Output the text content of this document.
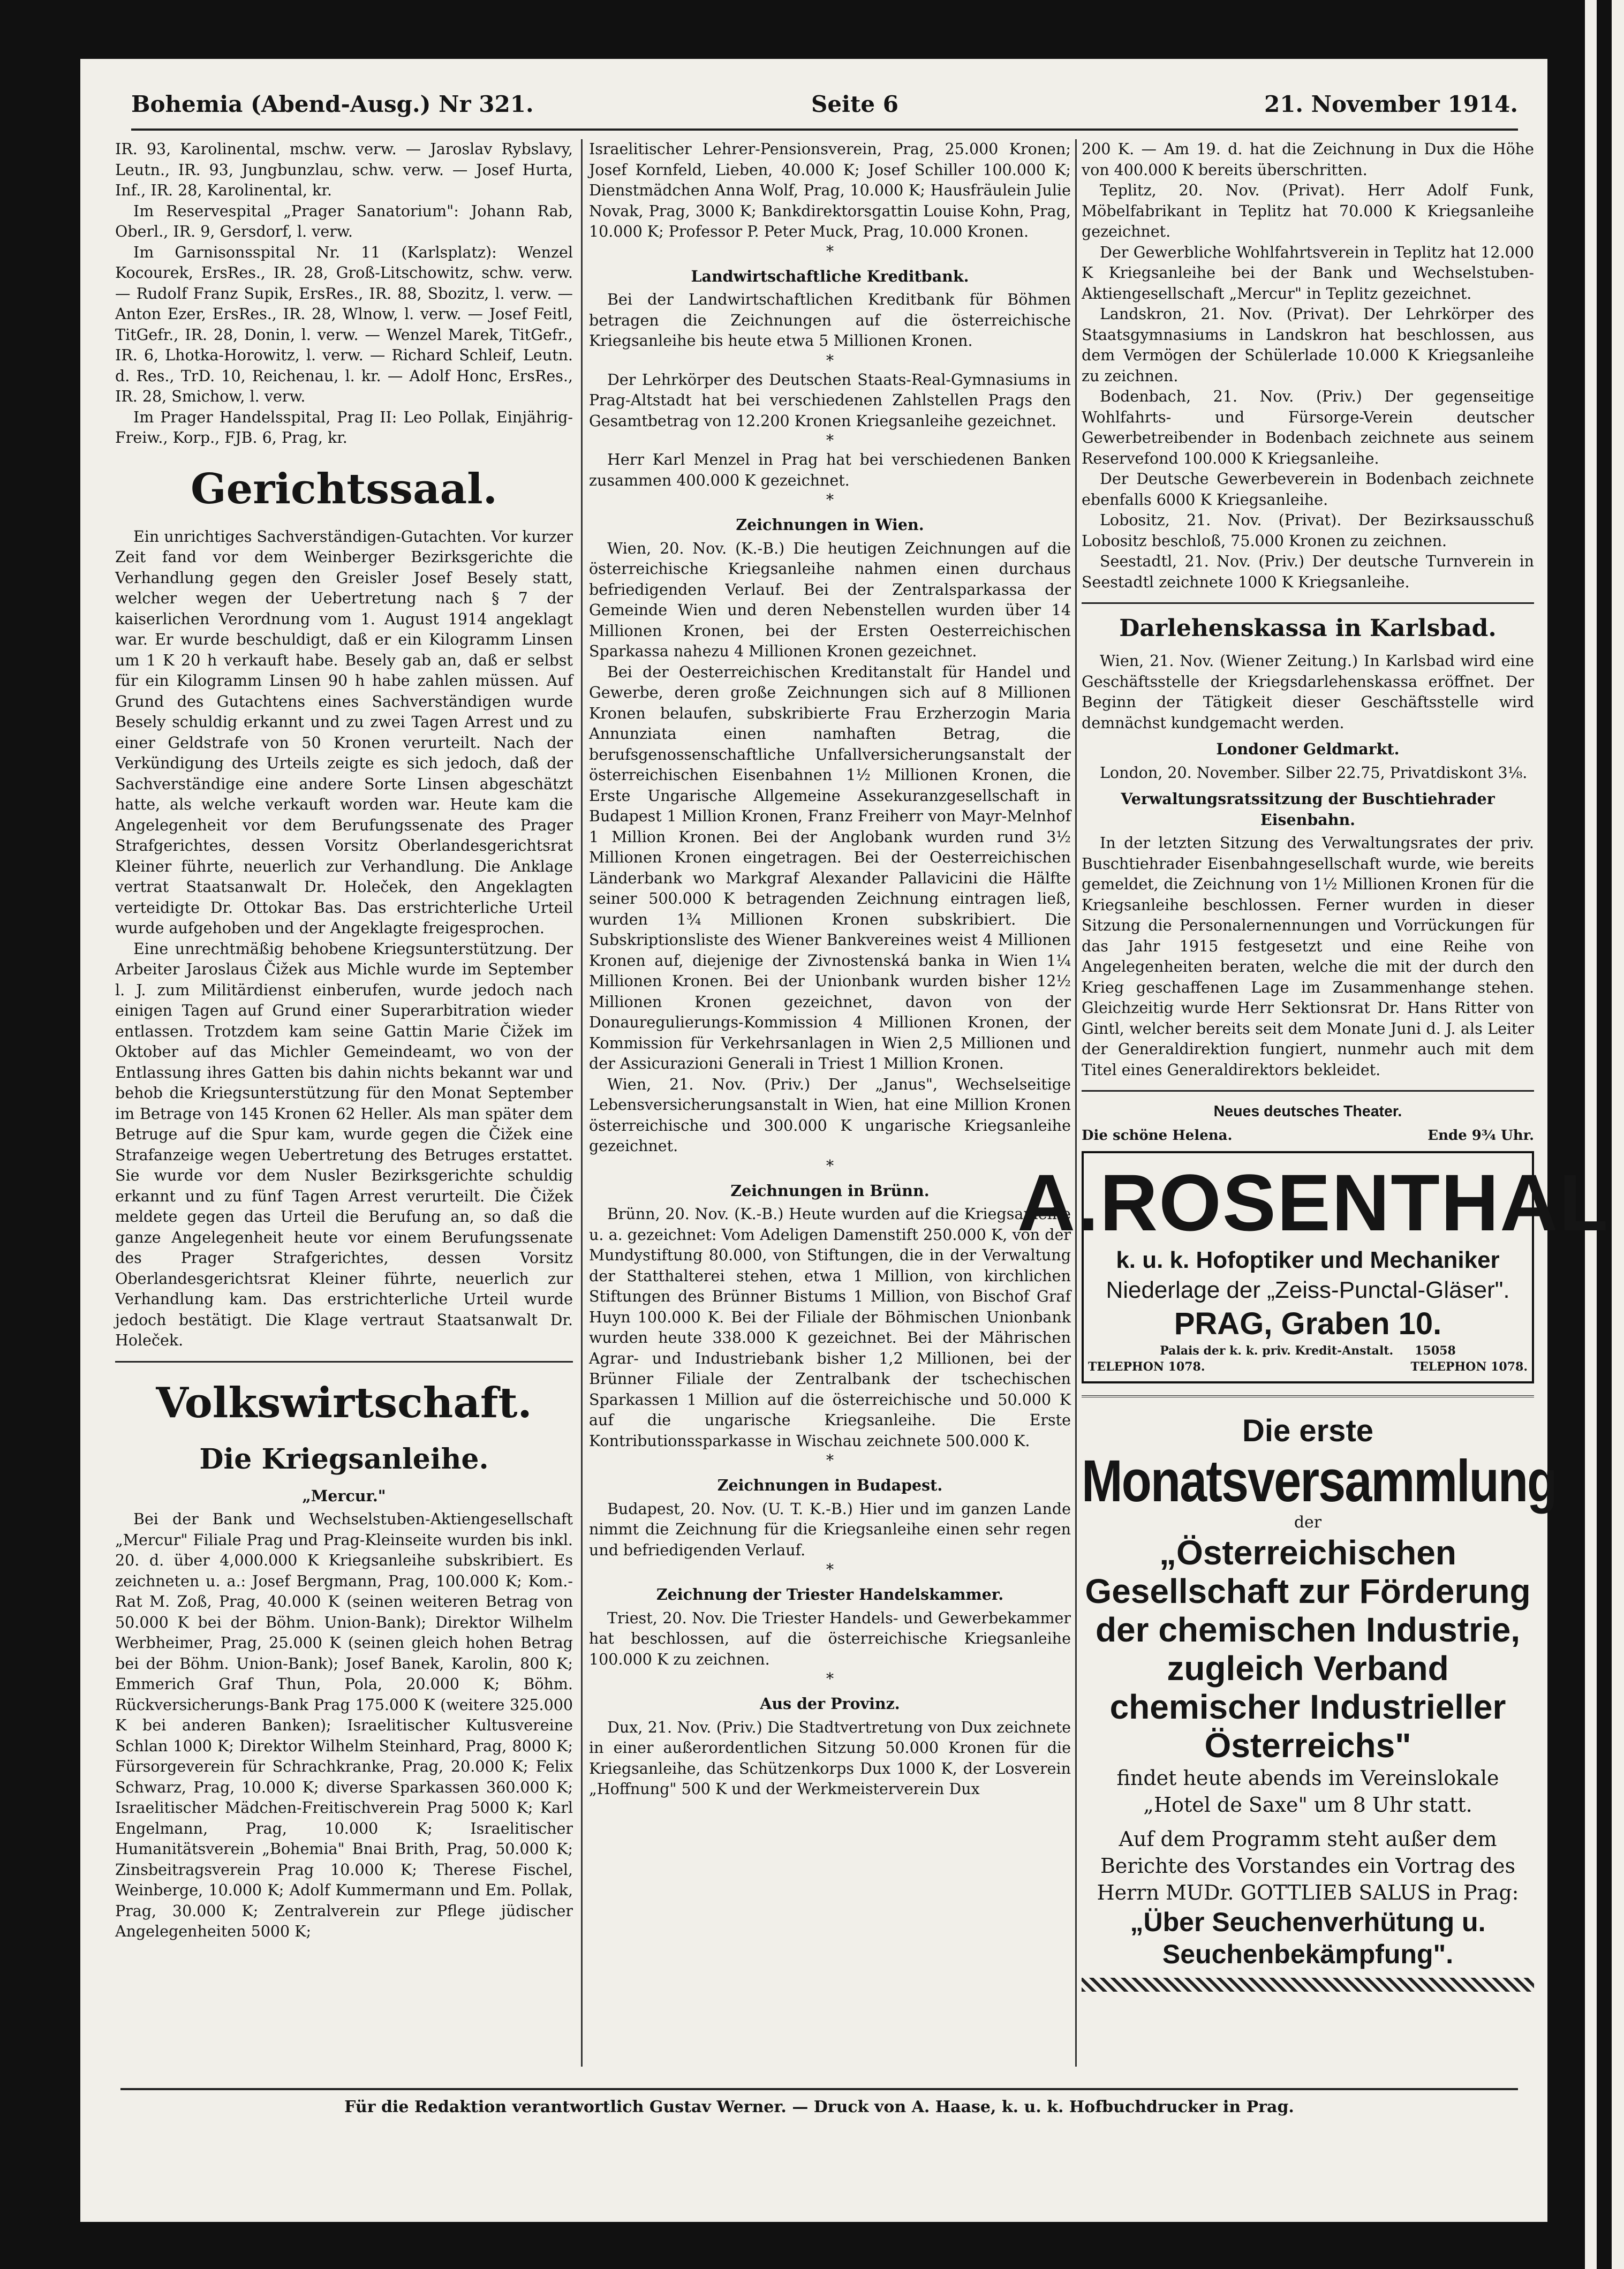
Bohemia (Abend-Ausg.) Nr 321.	Seite 6	21. November 1914.

IR. 93, Karolinental, mschw. verw. — Jaroslav Rybslavy, Leutn., IR. 93, Jungbunzlau, schw. verw. — Josef Hurta, Inf., IR. 28, Karolinental, kr.

Im Reservespital „Prager Sanatorium": Johann Rab, Oberl., IR. 9, Gersdorf, l. verw.

Im Garnisonsspital Nr. 11 (Karlsplatz): Wenzel Kocourek, ErsRes., IR. 28, Groß-Litschowitz, schw. verw. — Rudolf Franz Supik, ErsRes., IR. 88, Sbozitz, l. verw. — Anton Ezer, ErsRes., IR. 28, Wlnow, l. verw. — Josef Feitl, TitGefr., IR. 28, Donin, l. verw. — Wenzel Marek, TitGefr., IR. 6, Lhotka-Horowitz, l. verw. — Richard Schleif, Leutn. d. Res., TrD. 10, Reichenau, l. kr. — Adolf Honc, ErsRes., IR. 28, Smichow, l. verw.

Im Prager Handelsspital, Prag II: Leo Pollak, Einjährig-Freiw., Korp., FJB. 6, Prag, kr.

Gerichtssaal.

Ein unrichtiges Sachverständigen-Gutachten. Vor kurzer Zeit fand vor dem Weinberger Bezirksgerichte die Verhandlung gegen den Greisler Josef Besely statt, welcher wegen der Uebertretung nach § 7 der kaiserlichen Verordnung vom 1. August 1914 angeklagt war. Er wurde beschuldigt, daß er ein Kilogramm Linsen um 1 K 20 h verkauft habe. Besely gab an, daß er selbst für ein Kilogramm Linsen 90 h habe zahlen müssen. Auf Grund des Gutachtens eines Sachverständigen wurde Besely schuldig erkannt und zu zwei Tagen Arrest und zu einer Geldstrafe von 50 Kronen verurteilt. Nach der Verkündigung des Urteils zeigte es sich jedoch, daß der Sachverständige eine andere Sorte Linsen abgeschätzt hatte, als welche verkauft worden war. Heute kam die Angelegenheit vor dem Berufungssenate des Prager Strafgerichtes, dessen Vorsitz Oberlandesgerichtsrat Kleiner führte, neuerlich zur Verhandlung. Die Anklage vertrat Staatsanwalt Dr. Holeček, den Angeklagten verteidigte Dr. Ottokar Bas. Das erstrichterliche Urteil wurde aufgehoben und der Angeklagte freigesprochen.

Eine unrechtmäßig behobene Kriegsunterstützung. Der Arbeiter Jaroslaus Čižek aus Michle wurde im September l. J. zum Militärdienst einberufen, wurde jedoch nach einigen Tagen auf Grund einer Superarbitration wieder entlassen. Trotzdem kam seine Gattin Marie Čižek im Oktober auf das Michler Gemeindeamt, wo von der Entlassung ihres Gatten bis dahin nichts bekannt war und behob die Kriegsunterstützung für den Monat September im Betrage von 145 Kronen 62 Heller. Als man später dem Betruge auf die Spur kam, wurde gegen die Čižek eine Strafanzeige wegen Uebertretung des Betruges erstattet. Sie wurde vor dem Nusler Bezirksgerichte schuldig erkannt und zu fünf Tagen Arrest verurteilt. Die Čižek meldete gegen das Urteil die Berufung an, so daß die ganze Angelegenheit heute vor einem Berufungssenate des Prager Strafgerichtes, dessen Vorsitz Oberlandesgerichtsrat Kleiner führte, neuerlich zur Verhandlung kam. Das erstrichterliche Urteil wurde jedoch bestätigt. Die Klage vertraut Staatsanwalt Dr. Holeček.

Volkswirtschaft.
Die Kriegsanleihe.
„Mercur."

Bei der Bank und Wechselstuben-Aktiengesellschaft „Mercur" Filiale Prag und Prag-Kleinseite wurden bis inkl. 20. d. über 4,000.000 K Kriegsanleihe subskribiert. Es zeichneten u. a.: Josef Bergmann, Prag, 100.000 K; Kom.-Rat M. Zoß, Prag, 40.000 K (seinen weiteren Betrag von 50.000 K bei der Böhm. Union-Bank); Direktor Wilhelm Werbheimer, Prag, 25.000 K (seinen gleich hohen Betrag bei der Böhm. Union-Bank); Josef Banek, Karolin, 800 K; Emmerich Graf Thun, Pola, 20.000 K; Böhm. Rückversicherungs-Bank Prag 175.000 K (weitere 325.000 K bei anderen Banken); Israelitischer Kultusvereine Schlan 1000 K; Direktor Wilhelm Steinhard, Prag, 8000 K; Fürsorgeverein für Schrachkranke, Prag, 20.000 K; Felix Schwarz, Prag, 10.000 K; diverse Sparkassen 360.000 K; Israelitischer Mädchen-Freitischverein Prag 5000 K; Karl Engelmann, Prag, 10.000 K; Israelitischer Humanitätsverein „Bohemia" Bnai Brith, Prag, 50.000 K; Zinsbeitragsverein Prag 10.000 K; Therese Fischel, Weinberge, 10.000 K; Adolf Kummermann und Em. Pollak, Prag, 30.000 K; Zentralverein zur Pflege jüdischer Angelegenheiten 5000 K;

Israelitischer Lehrer-Pensionsverein, Prag, 25.000 Kronen; Josef Kornfeld, Lieben, 40.000 K; Josef Schiller 100.000 K; Dienstmädchen Anna Wolf, Prag, 10.000 K; Hausfräulein Julie Novak, Prag, 3000 K; Bankdirektorsgattin Louise Kohn, Prag, 10.000 K; Professor P. Peter Muck, Prag, 10.000 Kronen.

*
Landwirtschaftliche Kreditbank.

Bei der Landwirtschaftlichen Kreditbank für Böhmen betragen die Zeichnungen auf die österreichische Kriegsanleihe bis heute etwa 5 Millionen Kronen.

*

Der Lehrkörper des Deutschen Staats-Real-Gymnasiums in Prag-Altstadt hat bei verschiedenen Zahlstellen Prags den Gesamtbetrag von 12.200 Kronen Kriegsanleihe gezeichnet.

*

Herr Karl Menzel in Prag hat bei verschiedenen Banken zusammen 400.000 K gezeichnet.

*
Zeichnungen in Wien.

Wien, 20. Nov. (K.-B.) Die heutigen Zeichnungen auf die österreichische Kriegsanleihe nahmen einen durchaus befriedigenden Verlauf. Bei der Zentralsparkassa der Gemeinde Wien und deren Nebenstellen wurden über 14 Millionen Kronen, bei der Ersten Oesterreichischen Sparkassa nahezu 4 Millionen Kronen gezeichnet.

Bei der Oesterreichischen Kreditanstalt für Handel und Gewerbe, deren große Zeichnungen sich auf 8 Millionen Kronen belaufen, subskribierte Frau Erzherzogin Maria Annunziata einen namhaften Betrag, die berufsgenossenschaftliche Unfallversicherungsanstalt der österreichischen Eisenbahnen 1½ Millionen Kronen, die Erste Ungarische Allgemeine Assekuranzgesellschaft in Budapest 1 Million Kronen, Franz Freiherr von Mayr-Melnhof 1 Million Kronen. Bei der Anglobank wurden rund 3½ Millionen Kronen eingetragen. Bei der Oesterreichischen Länderbank wo Markgraf Alexander Pallavicini die Hälfte seiner 500.000 K betragenden Zeichnung eintragen ließ, wurden 1¾ Millionen Kronen subskribiert. Die Subskriptionsliste des Wiener Bankvereines weist 4 Millionen Kronen auf, diejenige der Zivnostenská banka in Wien 1¼ Millionen Kronen. Bei der Unionbank wurden bisher 12½ Millionen Kronen gezeichnet, davon von der Donauregulierungs-Kommission 4 Millionen Kronen, der Kommission für Verkehrsanlagen in Wien 2,5 Millionen und der Assicurazioni Generali in Triest 1 Million Kronen.

Wien, 21. Nov. (Priv.) Der „Janus", Wechselseitige Lebensversicherungsanstalt in Wien, hat eine Million Kronen österreichische und 300.000 K ungarische Kriegsanleihe gezeichnet.

*
Zeichnungen in Brünn.

Brünn, 20. Nov. (K.-B.) Heute wurden auf die Kriegsanleihe u. a. gezeichnet: Vom Adeligen Damenstift 250.000 K, von der Mundystiftung 80.000, von Stiftungen, die in der Verwaltung der Statthalterei stehen, etwa 1 Million, von kirchlichen Stiftungen des Brünner Bistums 1 Million, von Bischof Graf Huyn 100.000 K. Bei der Filiale der Böhmischen Unionbank wurden heute 338.000 K gezeichnet. Bei der Mährischen Agrar- und Industriebank bisher 1,2 Millionen, bei der Brünner Filiale der Zentralbank der tschechischen Sparkassen 1 Million auf die österreichische und 50.000 K auf die ungarische Kriegsanleihe. Die Erste Kontributionssparkasse in Wischau zeichnete 500.000 K.

*
Zeichnungen in Budapest.

Budapest, 20. Nov. (U. T. K.-B.) Hier und im ganzen Lande nimmt die Zeichnung für die Kriegsanleihe einen sehr regen und befriedigenden Verlauf.

*
Zeichnung der Triester Handelskammer.

Triest, 20. Nov. Die Triester Handels- und Gewerbekammer hat beschlossen, auf die österreichische Kriegsanleihe 100.000 K zu zeichnen.

*
Aus der Provinz.

Dux, 21. Nov. (Priv.) Die Stadtvertretung von Dux zeichnete in einer außerordentlichen Sitzung 50.000 Kronen für die Kriegsanleihe, das Schützenkorps Dux 1000 K, der Losverein „Hoffnung" 500 K und der Werkmeisterverein Dux

200 K. — Am 19. d. hat die Zeichnung in Dux die Höhe von 400.000 K bereits überschritten.

Teplitz, 20. Nov. (Privat). Herr Adolf Funk, Möbelfabrikant in Teplitz hat 70.000 K Kriegsanleihe gezeichnet.

Der Gewerbliche Wohlfahrtsverein in Teplitz hat 12.000 K Kriegsanleihe bei der Bank und Wechselstuben-Aktiengesellschaft „Mercur" in Teplitz gezeichnet.

Landskron, 21. Nov. (Privat). Der Lehrkörper des Staatsgymnasiums in Landskron hat beschlossen, aus dem Vermögen der Schülerlade 10.000 K Kriegsanleihe zu zeichnen.

Bodenbach, 21. Nov. (Priv.) Der gegenseitige Wohlfahrts- und Fürsorge-Verein deutscher Gewerbetreibender in Bodenbach zeichnete aus seinem Reservefond 100.000 K Kriegsanleihe.

Der Deutsche Gewerbeverein in Bodenbach zeichnete ebenfalls 6000 K Kriegsanleihe.

Lobositz, 21. Nov. (Privat). Der Bezirksausschuß Lobositz beschloß, 75.000 Kronen zu zeichnen.

Seestadtl, 21. Nov. (Priv.) Der deutsche Turnverein in Seestadtl zeichnete 1000 K Kriegsanleihe.

Darlehenskassa in Karlsbad.

Wien, 21. Nov. (Wiener Zeitung.) In Karlsbad wird eine Geschäftsstelle der Kriegsdarlehenskassa eröffnet. Der Beginn der Tätigkeit dieser Geschäftsstelle wird demnächst kundgemacht werden.

Londoner Geldmarkt.

London, 20. November. Silber 22.75, Privatdiskont 3⅛.

Verwaltungsratssitzung der Buschtiehrader Eisenbahn.

In der letzten Sitzung des Verwaltungsrates der priv. Buschtiehrader Eisenbahngesellschaft wurde, wie bereits gemeldet, die Zeichnung von 1½ Millionen Kronen für die Kriegsanleihe beschlossen. Ferner wurden in dieser Sitzung die Personalernennungen und Vorrückungen für das Jahr 1915 festgesetzt und eine Reihe von Angelegenheiten beraten, welche die mit der durch den Krieg geschaffenen Lage im Zusammenhange stehen. Gleichzeitig wurde Herr Sektionsrat Dr. Hans Ritter von Gintl, welcher bereits seit dem Monate Juni d. J. als Leiter der Generaldirektion fungiert, nunmehr auch mit dem Titel eines Generaldirektors bekleidet.

Neues deutsches Theater.
Die schöne Helena.	Ende 9¾ Uhr.
A.ROSENTHAL
k. u. k. Hofoptiker und Mechaniker
Niederlage der „Zeiss-Punctal-Gläser".
PRAG, Graben 10.
Palais der k. k. priv. Kredit-Anstalt. 15058
TELEPHON 1078.	TELEPHON 1078.
Die erste
Monatsversammlung
der
„Österreichischen Gesellschaft zur Förderung der chemischen Industrie, zugleich Verband chemischer Industrieller Österreichs"
findet heute abends im Vereinslokale „Hotel de Saxe" um 8 Uhr statt.
Auf dem Programm steht außer dem Berichte des Vorstandes ein Vortrag des Herrn MUDr. GOTTLIEB SALUS in Prag:
„Über Seuchenverhütung u. Seuchenbekämpfung".
Für die Redaktion verantwortlich Gustav Werner. — Druck von A. Haase, k. u. k. Hofbuchdrucker in Prag.
